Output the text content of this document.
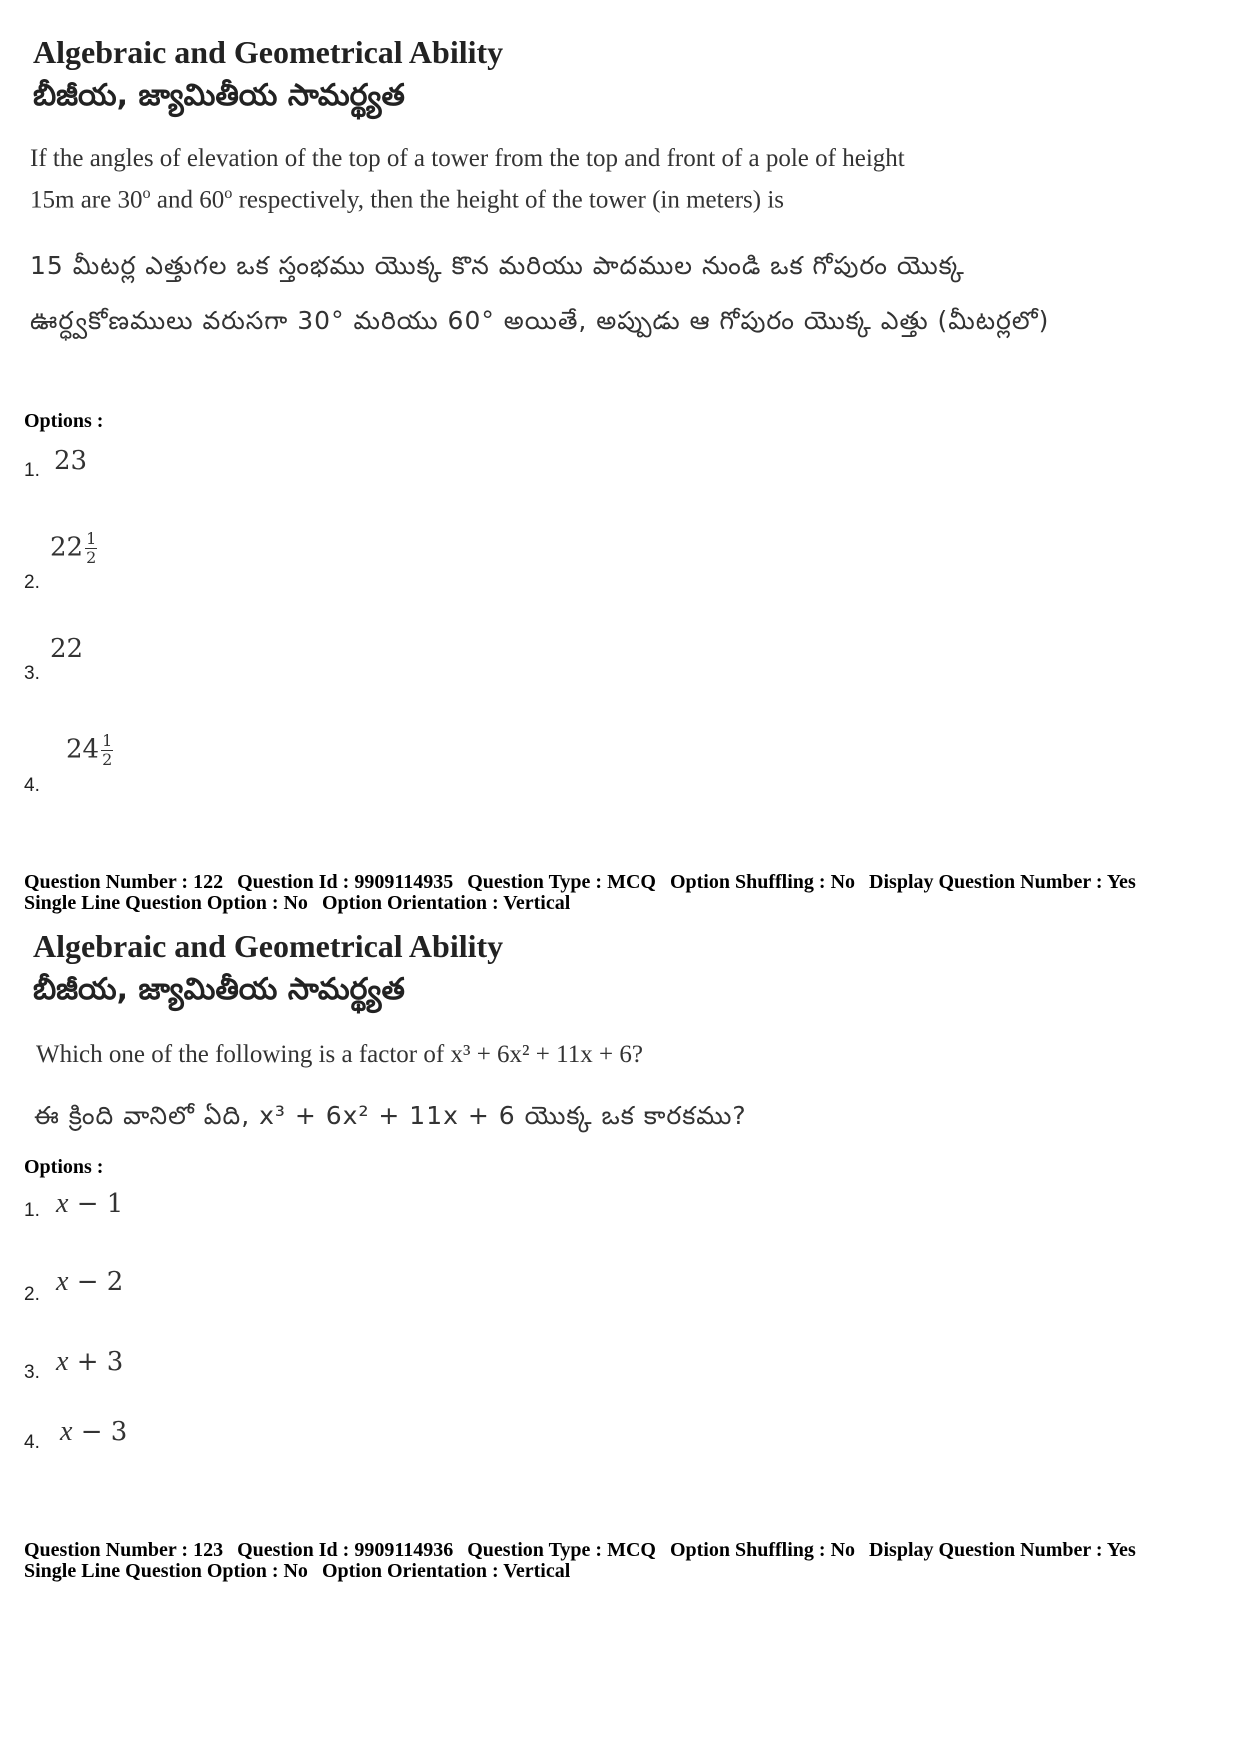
Algebraic and Geometrical Ability
బీజీయ, జ్యామితీయ సామర్థ్యత
If the angles of elevation of the top of a tower from the top and front of a pole of height
15m are 30$^o$ and 60$^o$ respectively, then the height of the tower (in meters) is
15 మీటర్ల ఎత్తుగల ఒక స్తంభము యొక్క కొన మరియు పాదముల నుండి ఒక గోపురం యొక్క ఊర్ధ్వకోణములు వరుసగా 30° మరియు 60° అయితే, అప్పుడు ఆ గోపురం యొక్క ఎత్తు (మీటర్లలో)
Options :
1. 23
2.
$22 \frac{1}{2}$
3.
22
4.
$24 \frac{1}{2}$
Question Number : 122 Question Id : 9909114935 Question Type : MCQ Option Shuffling : No Display Question Number : Yes
Single Line Question Option : No Option Orientation : Vertical
Algebraic and Geometrical Ability
బీజీయ, జ్యామితీయ సామర్థ్యత
Which one of the following is a factor of x³ + 6x² + 11x + 6?
ఈ క్రింది వానిలో ఏది, x³ + 6x² + 11x + 6 యొక్క ఒక కారకము?
Options :
1. x − 1
2. x − 2
3. x + 3
4. x − 3
Question Number : 123 Question Id : 9909114936 Question Type : MCQ Option Shuffling : No Display Question Number : Yes
Single Line Question Option : No Option Orientation : Vertical
